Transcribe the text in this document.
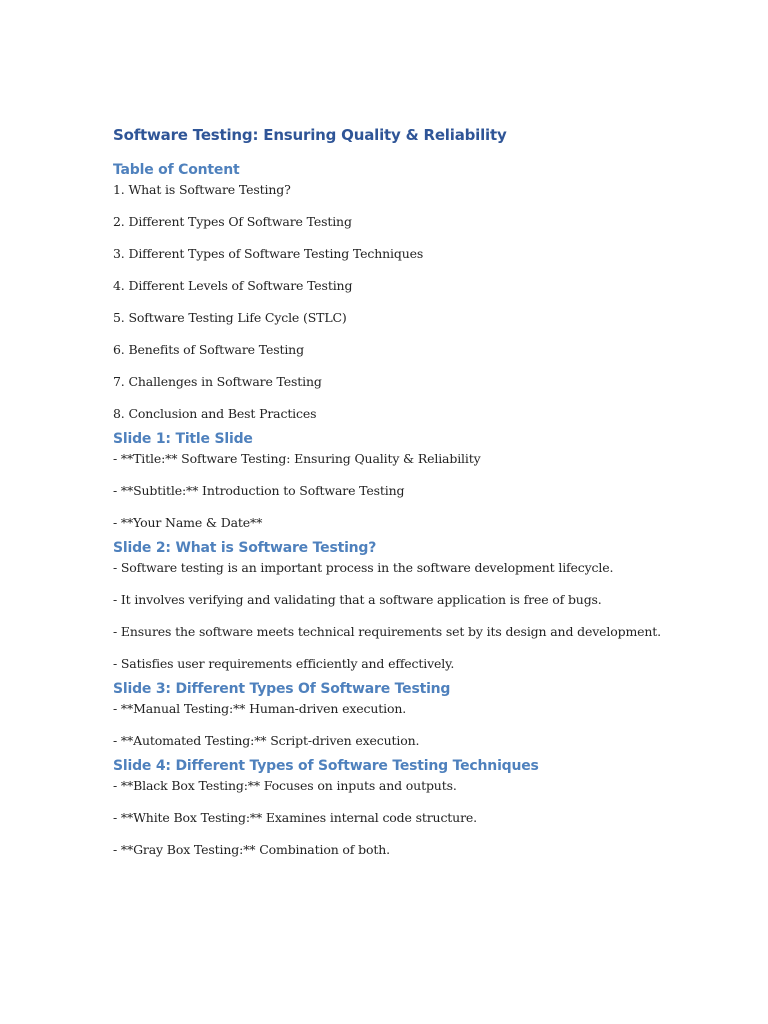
Software Testing: Ensuring Quality & Reliability
Table of Content

1. What is Software Testing?

2. Different Types Of Software Testing

3. Different Types of Software Testing Techniques

4. Different Levels of Software Testing

5. Software Testing Life Cycle (STLC)

6. Benefits of Software Testing

7. Challenges in Software Testing

8. Conclusion and Best Practices

Slide 1: Title Slide

- **Title:** Software Testing: Ensuring Quality & Reliability

- **Subtitle:** Introduction to Software Testing

- **Your Name & Date**

Slide 2: What is Software Testing?

- Software testing is an important process in the software development lifecycle.

- It involves verifying and validating that a software application is free of bugs.

- Ensures the software meets technical requirements set by its design and development.

- Satisfies user requirements efficiently and effectively.

Slide 3: Different Types Of Software Testing

- **Manual Testing:** Human-driven execution.

- **Automated Testing:** Script-driven execution.

Slide 4: Different Types of Software Testing Techniques

- **Black Box Testing:** Focuses on inputs and outputs.

- **White Box Testing:** Examines internal code structure.

- **Gray Box Testing:** Combination of both.
